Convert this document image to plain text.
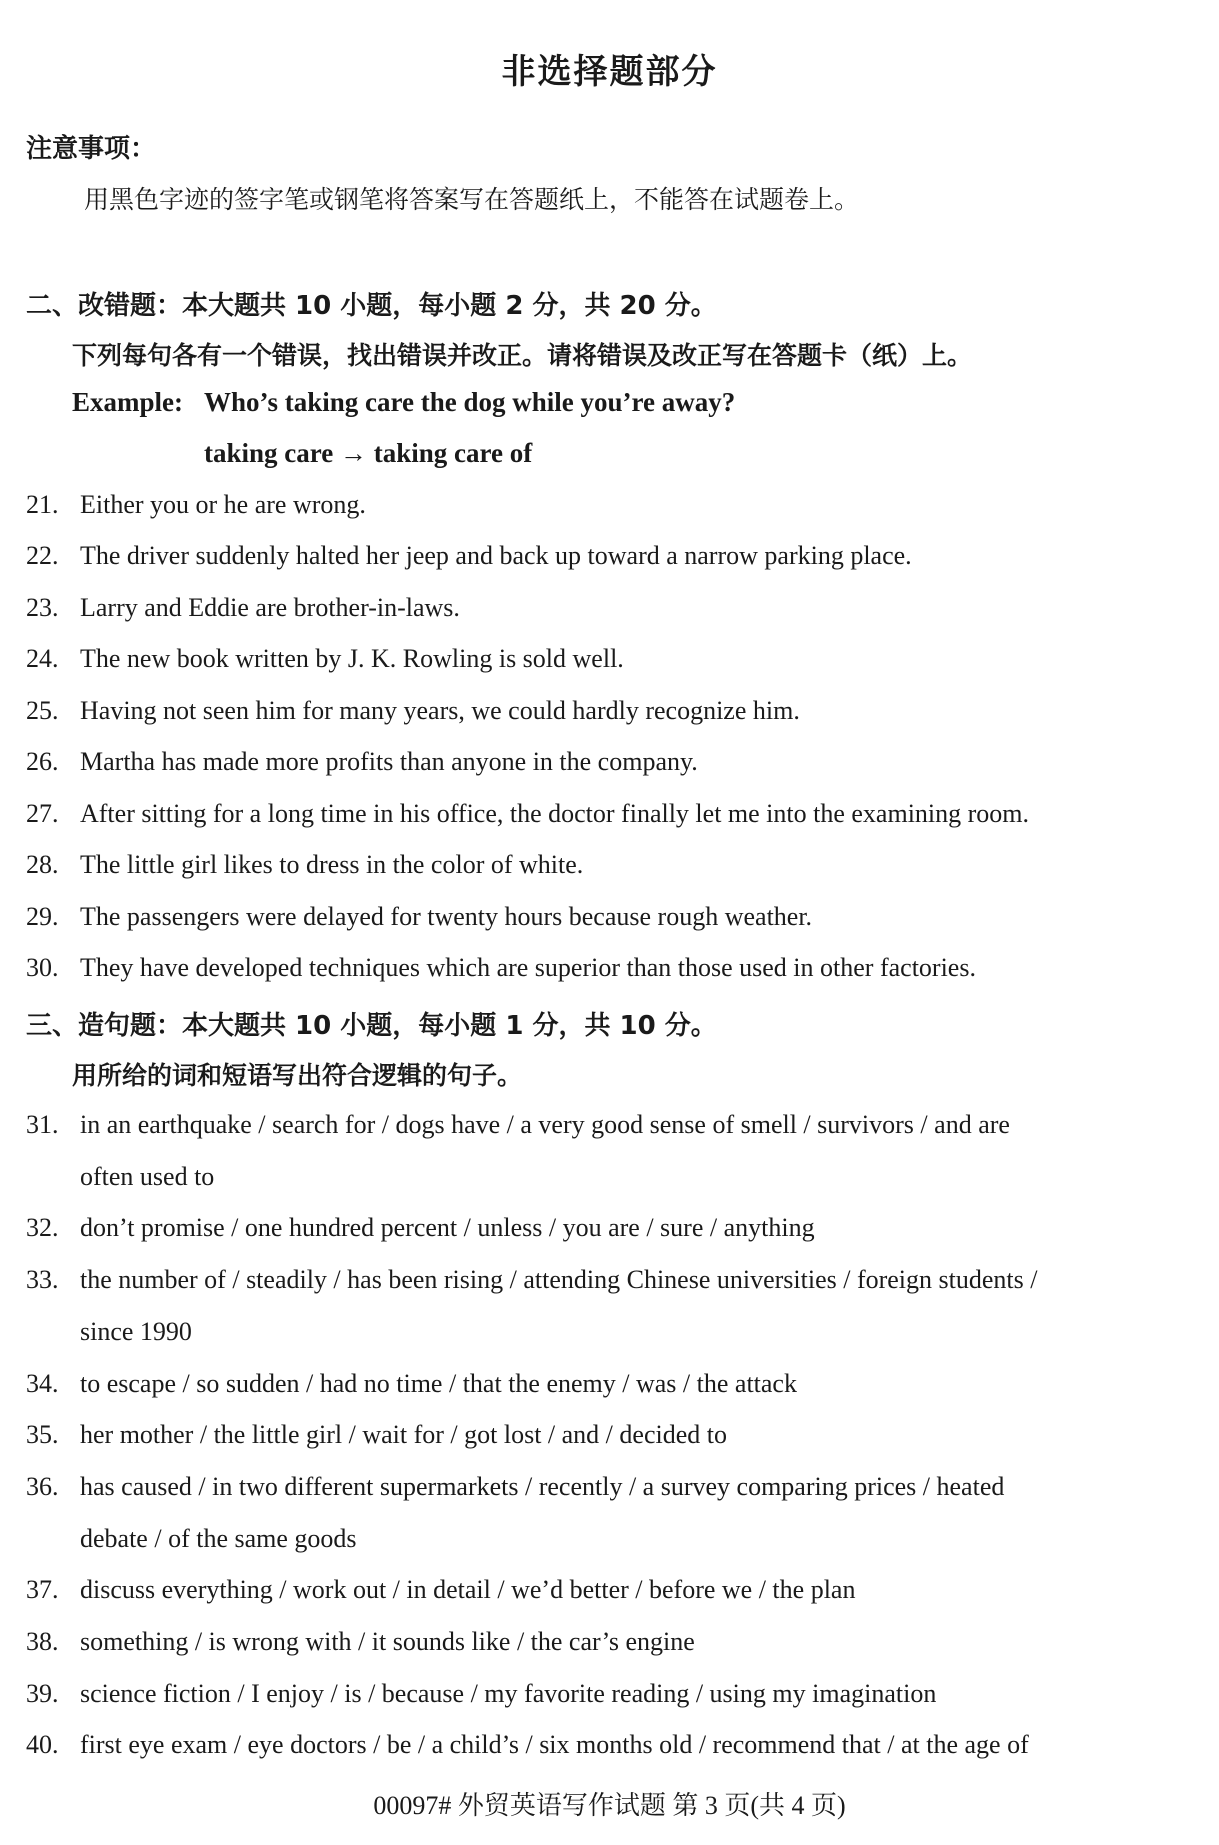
非选择题部分
注意事项：
用黑色字迹的签字笔或钢笔将答案写在答题纸上，不能答在试题卷上。
二、改错题：本大题共 10 小题，每小题 2 分，共 20 分。
下列每句各有一个错误，找出错误并改正。请将错误及改正写在答题卡（纸）上。
Example: Who’s taking care the dog while you’re away?
taking care → taking care of
21. Either you or he are wrong.
22. The driver suddenly halted her jeep and back up toward a narrow parking place.
23. Larry and Eddie are brother-in-laws.
24. The new book written by J. K. Rowling is sold well.
25. Having not seen him for many years, we could hardly recognize him.
26. Martha has made more profits than anyone in the company.
27. After sitting for a long time in his office, the doctor finally let me into the examining room.
28. The little girl likes to dress in the color of white.
29. The passengers were delayed for twenty hours because rough weather.
30. They have developed techniques which are superior than those used in other factories.
三、造句题：本大题共 10 小题，每小题 1 分，共 10 分。
用所给的词和短语写出符合逻辑的句子。
31. in an earthquake / search for / dogs have / a very good sense of smell / survivors / and are
often used to
32. don’t promise / one hundred percent / unless / you are / sure / anything
33. the number of / steadily / has been rising / attending Chinese universities / foreign students /
since 1990
34. to escape / so sudden / had no time / that the enemy / was / the attack
35. her mother / the little girl / wait for / got lost / and / decided to
36. has caused / in two different supermarkets / recently / a survey comparing prices / heated
debate / of the same goods
37. discuss everything / work out / in detail / we’d better / before we / the plan
38. something / is wrong with / it sounds like / the car’s engine
39. science fiction / I enjoy / is / because / my favorite reading / using my imagination
40. first eye exam / eye doctors / be / a child’s / six months old / recommend that / at the age of
00097# 外贸英语写作试题 第 3 页(共 4 页)
